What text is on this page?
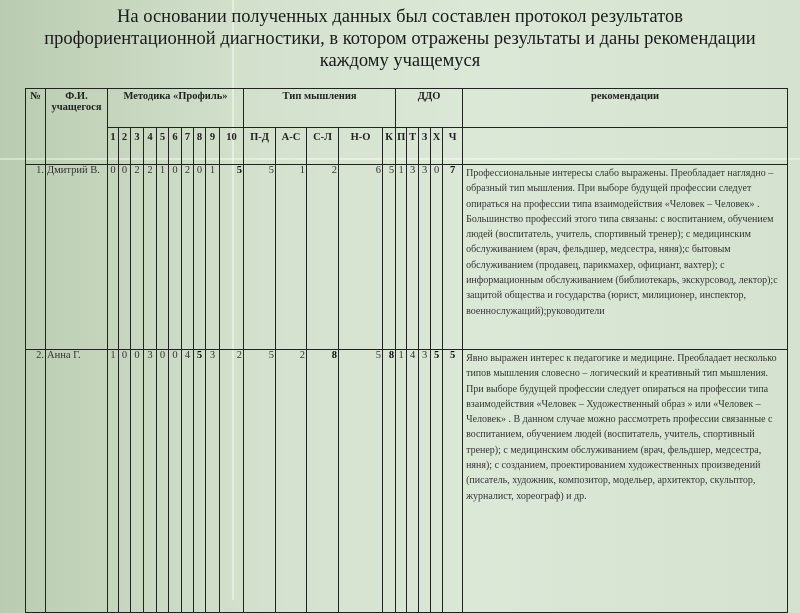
На основании полученных данных был составлен протокол результатов профориентационной диагностики, в котором отражены результаты и даны рекомендации каждому учащемуся
№	Ф.И. учащегося	Методика «Профиль»										Тип мышления					ДДО					рекомендации
		1	2	3	4	5	6	7	8	9	10	П-Д	А-С	С-Л	Н-О	К	П	Т	З	Х	Ч	
1.	Дмитрий В.	0	0	2	2	1	0	2	0	1	5	5	1	2	6	5	1	3	3	0	7	Профессиональные интересы слабо выражены. Преобладает наглядно – образный тип мышления. При выборе будущей профессии следует опираться на профессии типа взаимодействия «Человек – Человек» . Большинство профессий этого типа связаны: с воспитанием, обучением людей (воспитатель, учитель, спортивный тренер); с медицинским обслуживанием (врач, фельдшер, медсестра, няня);с бытовым обслуживанием (продавец, парикмахер, официант, вахтер); с информационным обслуживанием (библиотекарь, экскурсовод, лектор);с защитой общества и государства (юрист, милиционер, инспектор, военнослужащий);руководители
2.	Анна Г.	1	0	0	3	0	0	4	5	3	2	5	2	8	5	8	1	4	3	5	5	Явно выражен интерес к педагогике и медицине. Преобладает несколько типов мышления словесно – логический и креативный тип мышления. При выборе будущей профессии следует опираться на профессии типа взаимодействия «Человек – Художественный образ » или «Человек – Человек» . В данном случае можно рассмотреть профессии связанные с воспитанием, обучением людей (воспитатель, учитель, спортивный тренер); с медицинским обслуживанием (врач, фельдшер, медсестра, няня); с созданием, проектированием художественных произведений (писатель, художник, композитор, модельер, архитектор, скульптор, журналист, хореограф) и др.
